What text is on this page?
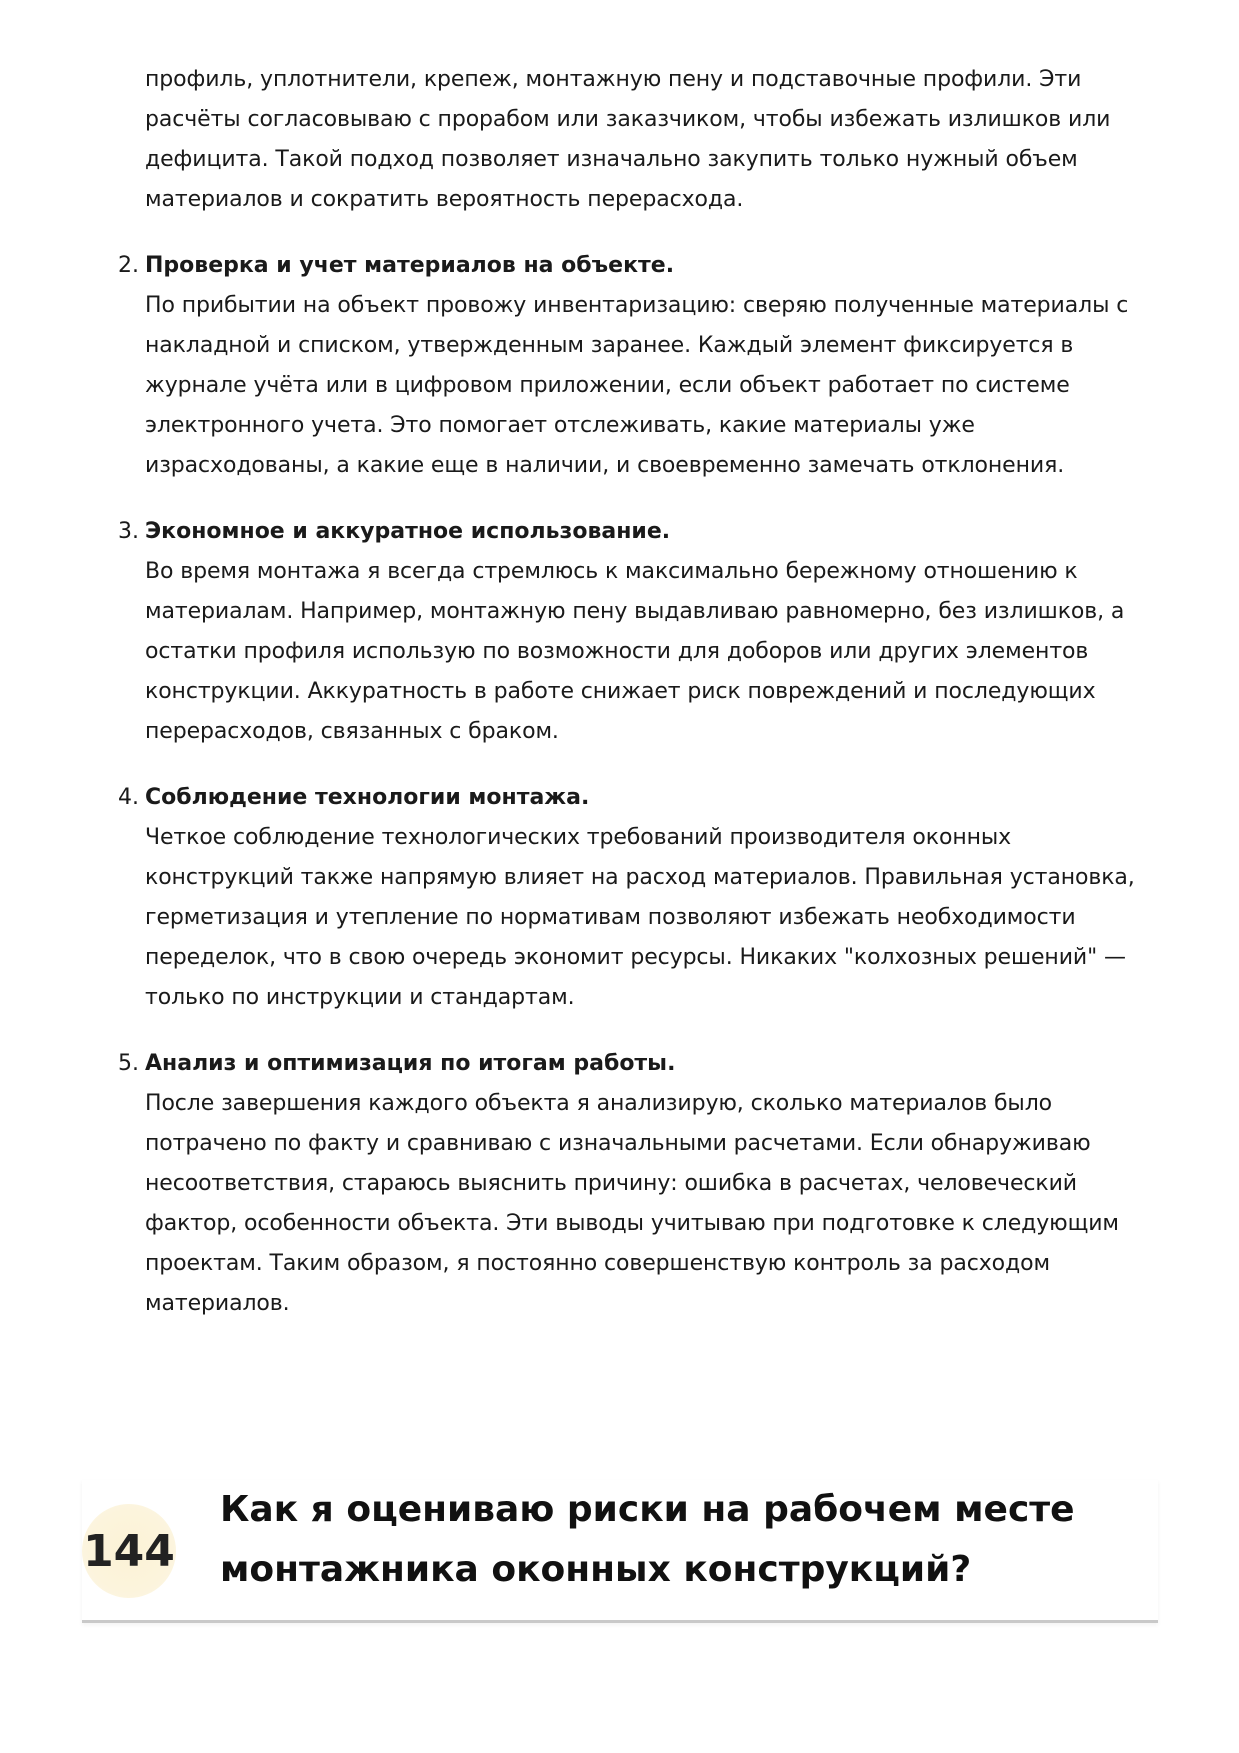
профиль, уплотнители, крепеж, монтажную пену и подставочные профили. Эти расчёты согласовываю с прорабом или заказчиком, чтобы избежать излишков или дефицита. Такой подход позволяет изначально закупить только нужный объем материалов и сократить вероятность перерасхода.

2. Проверка и учет материалов на объекте.

По прибытии на объект провожу инвентаризацию: сверяю полученные материалы с накладной и списком, утвержденным заранее. Каждый элемент фиксируется в журнале учёта или в цифровом приложении, если объект работает по системе электронного учета. Это помогает отслеживать, какие материалы уже израсходованы, а какие еще в наличии, и своевременно замечать отклонения.

3. Экономное и аккуратное использование.

Во время монтажа я всегда стремлюсь к максимально бережному отношению к материалам. Например, монтажную пену выдавливаю равномерно, без излишков, а остатки профиля использую по возможности для доборов или других элементов конструкции. Аккуратность в работе снижает риск повреждений и последующих перерасходов, связанных с браком.

4. Соблюдение технологии монтажа.

Четкое соблюдение технологических требований производителя оконных конструкций также напрямую влияет на расход материалов. Правильная установка, герметизация и утепление по нормативам позволяют избежать необходимости переделок, что в свою очередь экономит ресурсы. Никаких "колхозных решений" — только по инструкции и стандартам.

5. Анализ и оптимизация по итогам работы.

После завершения каждого объекта я анализирую, сколько материалов было потрачено по факту и сравниваю с изначальными расчетами. Если обнаруживаю несоответствия, стараюсь выяснить причину: ошибка в расчетах, человеческий фактор, особенности объекта. Эти выводы учитываю при подготовке к следующим проектам. Таким образом, я постоянно совершенствую контроль за расходом материалов.

144
Как я оцениваю риски на рабочем месте монтажника оконных конструкций?
